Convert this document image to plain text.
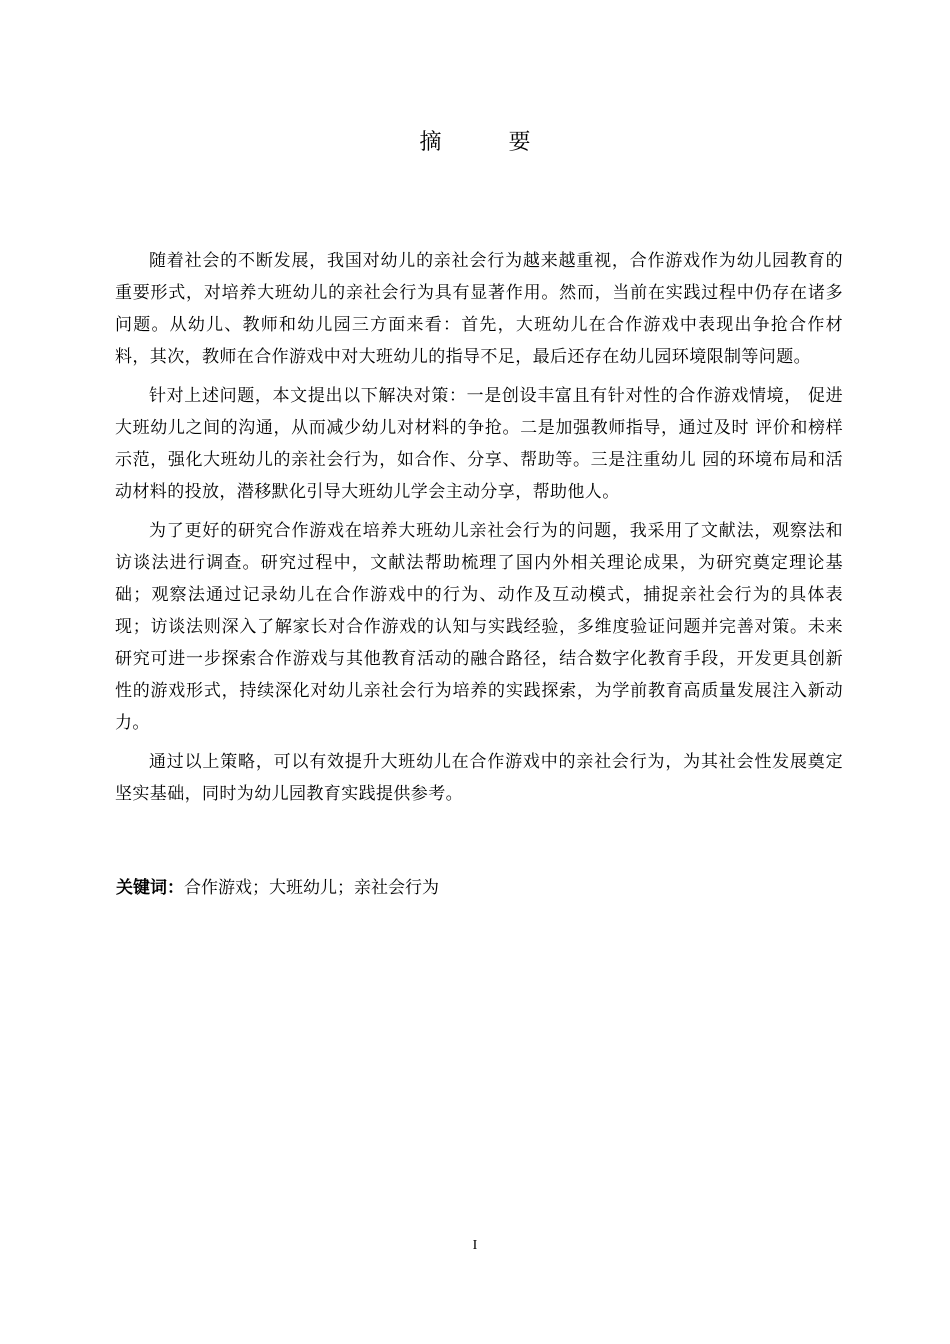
摘 要

随着社会的不断发展，我国对幼儿的亲社会行为越来越重视，合作游戏作为幼儿园教育的重要形式，对培养大班幼儿的亲社会行为具有显著作用。然而，当前在实践过程中仍存在诸多问题。从幼儿、教师和幼儿园三方面来看：首先，大班幼儿在合作游戏中表现出争抢合作材料，其次，教师在合作游戏中对大班幼儿的指导不足，最后还存在幼儿园环境限制等问题。

针对上述问题，本文提出以下解决对策：一是创设丰富且有针对性的合作游戏情境， 促进大班幼儿之间的沟通，从而减少幼儿对材料的争抢。二是加强教师指导，通过及时 评价和榜样示范，强化大班幼儿的亲社会行为，如合作、分享、帮助等。三是注重幼儿 园的环境布局和活动材料的投放，潜移默化引导大班幼儿学会主动分享，帮助他人。

为了更好的研究合作游戏在培养大班幼儿亲社会行为的问题，我采用了文献法，观察法和访谈法进行调查。研究过程中，文献法帮助梳理了国内外相关理论成果，为研究奠定理论基础；观察法通过记录幼儿在合作游戏中的行为、动作及互动模式，捕捉亲社会行为的具体表现；访谈法则深入了解家长对合作游戏的认知与实践经验，多维度验证问题并完善对策。未来研究可进一步探索合作游戏与其他教育活动的融合路径，结合数字化教育手段，开发更具创新性的游戏形式，持续深化对幼儿亲社会行为培养的实践探索，为学前教育高质量发展注入新动力。

通过以上策略，可以有效提升大班幼儿在合作游戏中的亲社会行为，为其社会性发展奠定坚实基础，同时为幼儿园教育实践提供参考。

关键词：合作游戏；大班幼儿；亲社会行为

I
